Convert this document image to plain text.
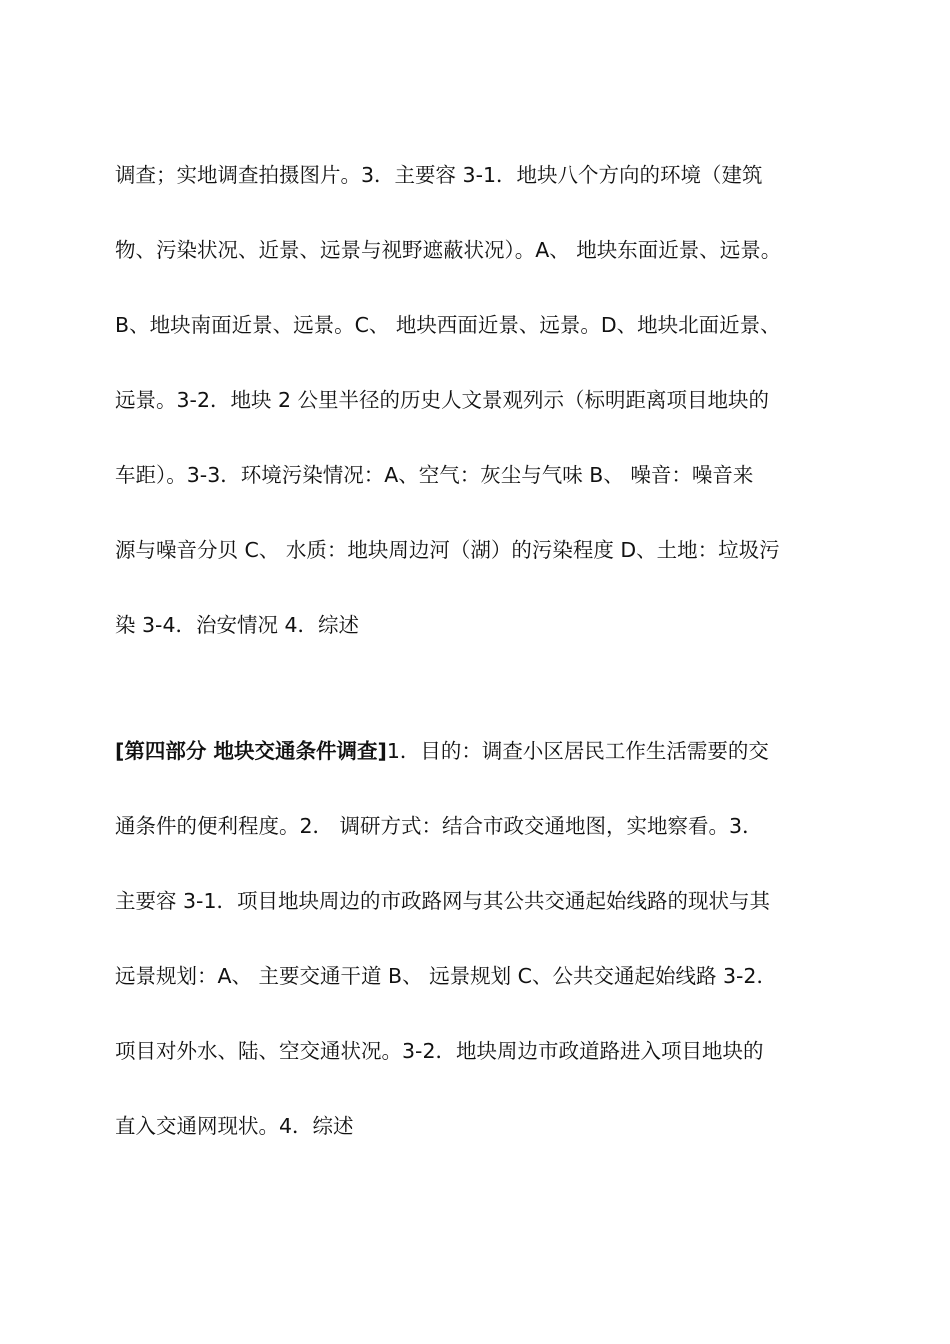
调查；实地调查拍摄图片。3．主要容 3-1．地块八个方向的环境（建筑
物、污染状况、近景、远景与视野遮蔽状况）。A、 地块东面近景、远景。
B、地块南面近景、远景。C、 地块西面近景、远景。D、地块北面近景、
远景。3-2．地块 2 公里半径的历史人文景观列示（标明距离项目地块的
车距）。3-3．环境污染情况：A、空气：灰尘与气味 B、 噪音：噪音来
源与噪音分贝 C、 水质：地块周边河（湖）的污染程度 D、土地：垃圾污
染 3-4．治安情况 4．综述
[第四部分 地块交通条件调查]1．目的：调查小区居民工作生活需要的交
通条件的便利程度。2． 调研方式：结合市政交通地图，实地察看。3．
主要容 3-1．项目地块周边的市政路网与其公共交通起始线路的现状与其
远景规划：A、 主要交通干道 B、 远景规划 C、公共交通起始线路 3-2．
项目对外水、陆、空交通状况。3-2．地块周边市政道路进入项目地块的
直入交通网现状。4．综述
